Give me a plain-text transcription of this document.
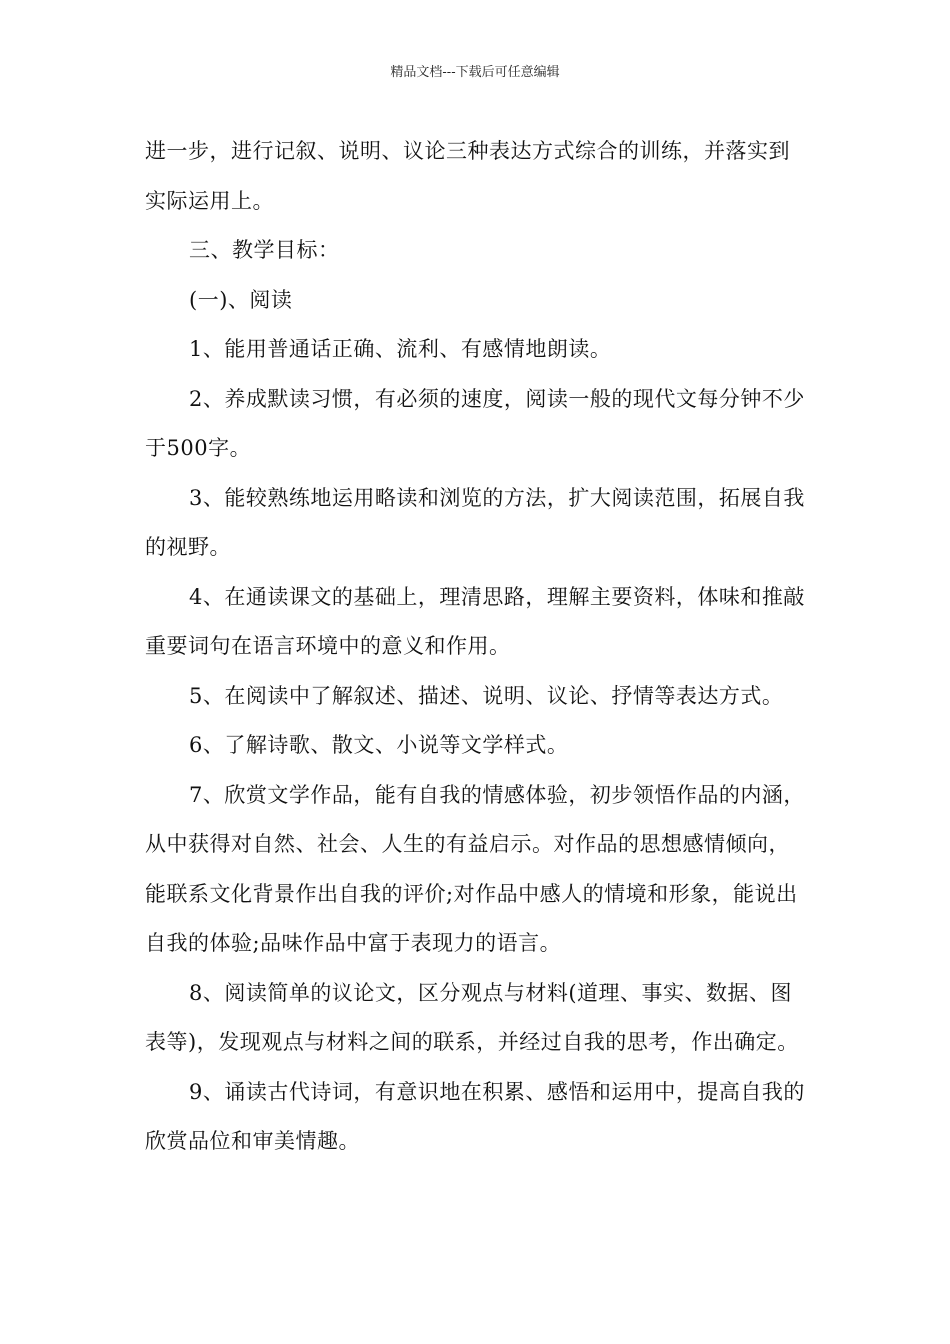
精品文档---下载后可任意编辑

进一步，进行记叙、说明、议论三种表达方式综合的训练，并落实到实际运用上。

三、教学目标：

(一)、阅读

1、能用普通话正确、流利、有感情地朗读。

2、养成默读习惯，有必须的速度，阅读一般的现代文每分钟不少于500字。

3、能较熟练地运用略读和浏览的方法，扩大阅读范围，拓展自我的视野。

4、在通读课文的基础上，理清思路，理解主要资料，体味和推敲重要词句在语言环境中的意义和作用。

5、在阅读中了解叙述、描述、说明、议论、抒情等表达方式。

6、了解诗歌、散文、小说等文学样式。

7、欣赏文学作品，能有自我的情感体验，初步领悟作品的内涵，从中获得对自然、社会、人生的有益启示。对作品的思想感情倾向，能联系文化背景作出自我的评价;对作品中感人的情境和形象，能说出自我的体验;品味作品中富于表现力的语言。

8、阅读简单的议论文，区分观点与材料(道理、事实、数据、图表等)，发现观点与材料之间的联系，并经过自我的思考，作出确定。

9、诵读古代诗词，有意识地在积累、感悟和运用中，提高自我的欣赏品位和审美情趣。
